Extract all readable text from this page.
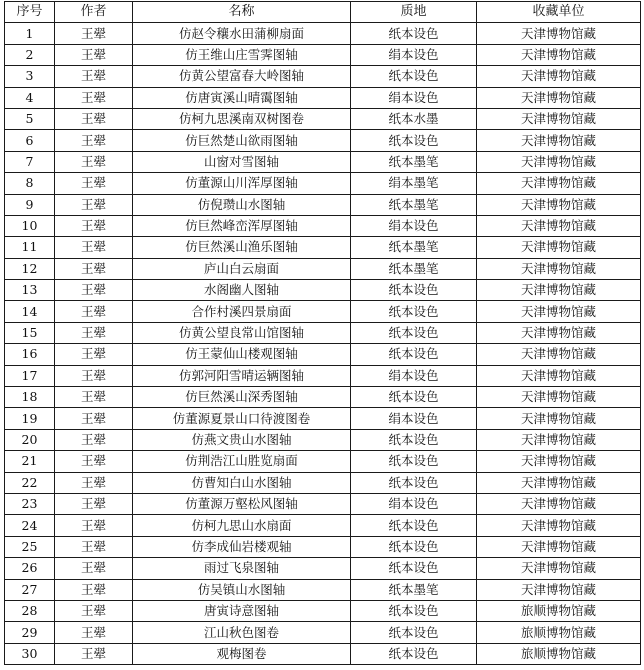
序号	作者	名称	质地	收藏单位
1	王翚	仿赵令穰水田蒲柳扇面	纸本设色	天津博物馆藏
2	王翚	仿王维山庄雪霁图轴	绢本设色	天津博物馆藏
3	王翚	仿黄公望富春大岭图轴	纸本设色	天津博物馆藏
4	王翚	仿唐寅溪山晴霭图轴	绢本设色	天津博物馆藏
5	王翚	仿柯九思溪南双树图卷	纸本水墨	天津博物馆藏
6	王翚	仿巨然楚山欲雨图轴	纸本设色	天津博物馆藏
7	王翚	山窗对雪图轴	纸本墨笔	天津博物馆藏
8	王翚	仿董源山川浑厚图轴	绢本墨笔	天津博物馆藏
9	王翚	仿倪瓒山水图轴	纸本墨笔	天津博物馆藏
10	王翚	仿巨然峰峦浑厚图轴	绢本设色	天津博物馆藏
11	王翚	仿巨然溪山渔乐图轴	纸本墨笔	天津博物馆藏
12	王翚	庐山白云扇面	纸本墨笔	天津博物馆藏
13	王翚	水阁幽人图轴	纸本设色	天津博物馆藏
14	王翚	合作村溪四景扇面	纸本设色	天津博物馆藏
15	王翚	仿黄公望良常山馆图轴	纸本设色	天津博物馆藏
16	王翚	仿王蒙仙山楼观图轴	纸本设色	天津博物馆藏
17	王翚	仿郭河阳雪晴运辆图轴	绢本设色	天津博物馆藏
18	王翚	仿巨然溪山深秀图轴	纸本设色	天津博物馆藏
19	王翚	仿董源夏景山口待渡图卷	绢本设色	天津博物馆藏
20	王翚	仿燕文贵山水图轴	纸本设色	天津博物馆藏
21	王翚	仿荆浩江山胜览扇面	纸本设色	天津博物馆藏
22	王翚	仿曹知白山水图轴	纸本设色	天津博物馆藏
23	王翚	仿董源万壑松风图轴	绢本设色	天津博物馆藏
24	王翚	仿柯九思山水扇面	纸本设色	天津博物馆藏
25	王翚	仿李成仙岩楼观轴	纸本设色	天津博物馆藏
26	王翚	雨过飞泉图轴	纸本设色	天津博物馆藏
27	王翚	仿吴镇山水图轴	纸本墨笔	天津博物馆藏
28	王翚	唐寅诗意图轴	纸本设色	旅顺博物馆藏
29	王翚	江山秋色图卷	纸本设色	旅顺博物馆藏
30	王翚	观梅图卷	纸本设色	旅顺博物馆藏
